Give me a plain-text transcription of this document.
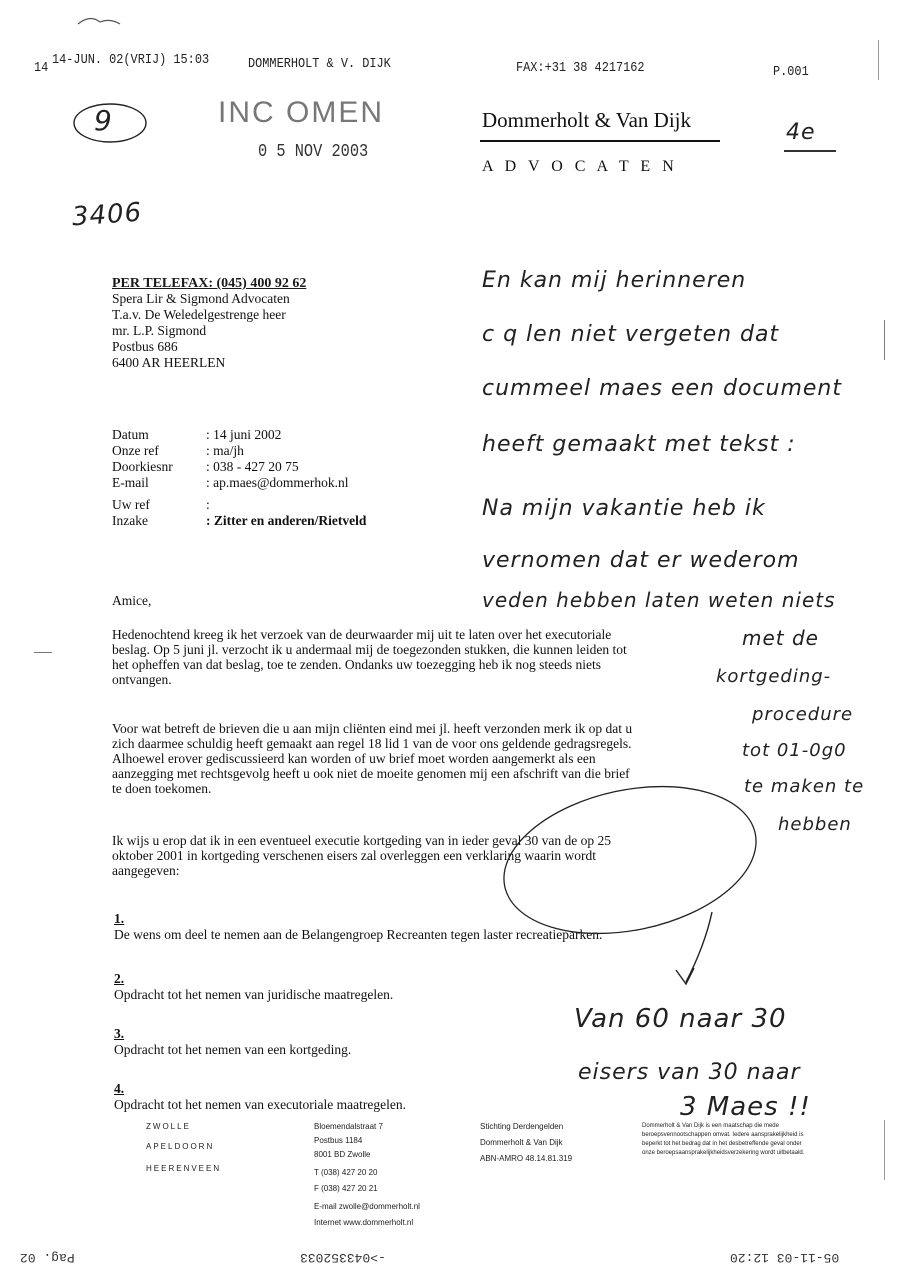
14 14-JUN. 02(VRIJ) 15:03	DOMMERHOLT & V. DIJK	FAX:+31 38 4217162	P.001
9	INC OMEN
0 5 NOV 2003
3406
Dommerholt & Van Dijk
A D V O C A T E N
4e
PER TELEFAX: (045) 400 92 62
Spera Lir & Sigmond Advocaten
T.a.v. De Weledelgestrenge heer
mr. L.P. Sigmond
Postbus 686
6400 AR HEERLEN
Datum	: 14 juni 2002
Onze ref	: ma/jh
Doorkiesnr : 038 - 427 20 75
E-mail	: ap.maes@dommerhok.nl
Uw ref	:
Inzake	: Zitter en anderen/Rietveld
Amice,
Hedenochtend kreeg ik het verzoek van de deurwaarder mij uit te laten over het executoriale
beslag. Op 5 juni jl. verzocht ik u andermaal mij de toegezonden stukken, die kunnen leiden tot
het opheffen van dat beslag, toe te zenden. Ondanks uw toezegging heb ik nog steeds niets
ontvangen.
Voor wat betreft de brieven die u aan mijn cliënten eind mei jl. heeft verzonden merk ik op dat u
zich daarmee schuldig heeft gemaakt aan regel 18 lid 1 van de voor ons geldende gedragsregels.
Alhoewel erover gediscussieerd kan worden of uw brief moet worden aangemerkt als een
aanzegging met rechtsgevolg heeft u ook niet de moeite genomen mij een afschrift van die brief
te doen toekomen.
Ik wijs u erop dat ik in een eventueel executie kortgeding van in ieder geval 30 van de op 25
oktober 2001 in kortgeding verschenen eisers zal overleggen een verklaring waarin wordt
aangegeven:
1.
De wens om deel te nemen aan de Belangengroep Recreanten tegen laster recreatieparken.
2.
Opdracht tot het nemen van juridische maatregelen.
3.
Opdracht tot het nemen van een kortgeding.
4.
Opdracht tot het nemen van executoriale maatregelen.
En kan mij herinneren
c q len niet vergeten dat
cummeel maes een document
heeft gemaakt met tekst :
Na mijn vakantie heb ik
vernomen dat er wederom
veden hebben laten weten niets
met de
kortgeding-
procedure
tot 01-0g0
te maken te
hebben
Van 60 naar 30
eisers van 30 naar
3 Maes !!
ZWOLLE
APELDOORN
HEERENVEEN
Bloemendalstraat 7
Postbus 1184
8001 BD Zwolle
T (038) 427 20 20
F (038) 427 20 21
E-mail zwolle@dommerholt.nl
Internet www.dommerholt.nl
Stichting Derdengelden
Dommerholt & Van Dijk
ABN-AMRO 48.14.81.319
Dommerholt & Van Dijk is een maatschap die mede beroepsvennootschappen omvat. Iedere aansprakelijkheid is beperkt tot het bedrag dat in het desbetreffende geval onder onze beroepsaansprakelijkheidsverzekering wordt uitbetaald.
Pag. 02	->043352033	05-11-03 12:20
